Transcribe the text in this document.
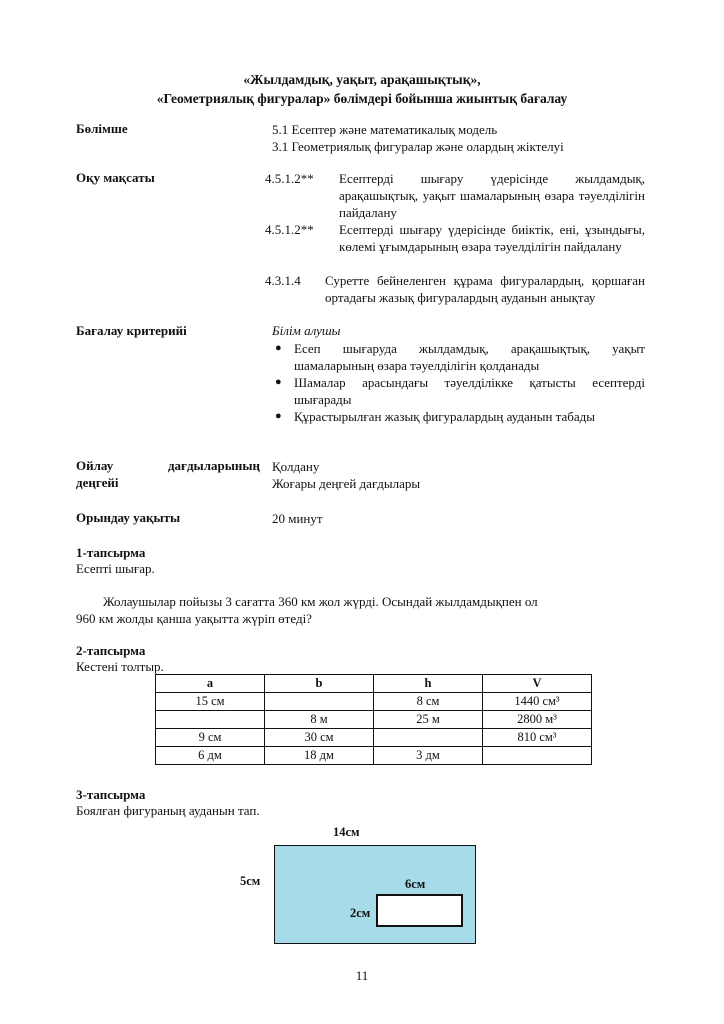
«Жылдамдық, уақыт, арақашықтық»,
«Геометриялық фигуралар» бөлімдері бойынша жиынтық бағалау
Бөлімше	5.1 Есептер және математикалық модель
3.1 Геометриялық фигуралар және олардың жіктелуі
Оқу мақсаты	4.5.1.2** Есептерді шығару үдерісінде жылдамдық, арақашықтық, уақыт шамаларының өзара тәуелділігін пайдалану
4.5.1.2** Есептерді шығару үдерісінде биіктік, ені, ұзындығы, көлемі ұғымдарының өзара тәуелділігін пайдалану
4.3.1.4 Суретте бейнеленген құрама фигуралардың, қоршаған ортадағы жазық фигуралардың ауданын анықтау
Бағалау критерийі	Білім алушы
● Есеп шығаруда жылдамдық, арақашықтық, уақыт шамаларының өзара тәуелділігін қолданады
● Шамалар арасындағы тәуелділікке қатысты есептерді шығарады
● Құрастырылған жазық фигуралардың ауданын табады
Ойлау	дағдыларының
деңгейі
Қолдану
Жоғары деңгей дағдылары
Орындау уақыты	20 минут
1-тапсырма
Есепті шығар.
Жолаушылар пойызы 3 сағатта 360 км жол жүрді. Осындай жылдамдықпен ол
960 км жолды қанша уақытта жүріп өтеді?
2-тапсырма
Кестені толтыр.
a	b	h	V
15 см		8 см	1440 см³
	8 м	25 м	2800 м³
9 см	30 см		810 см³
6 дм	18 дм	3 дм	
3-тапсырма
Боялған фигураның ауданын тап.
14см
5см	6см
2см
11
